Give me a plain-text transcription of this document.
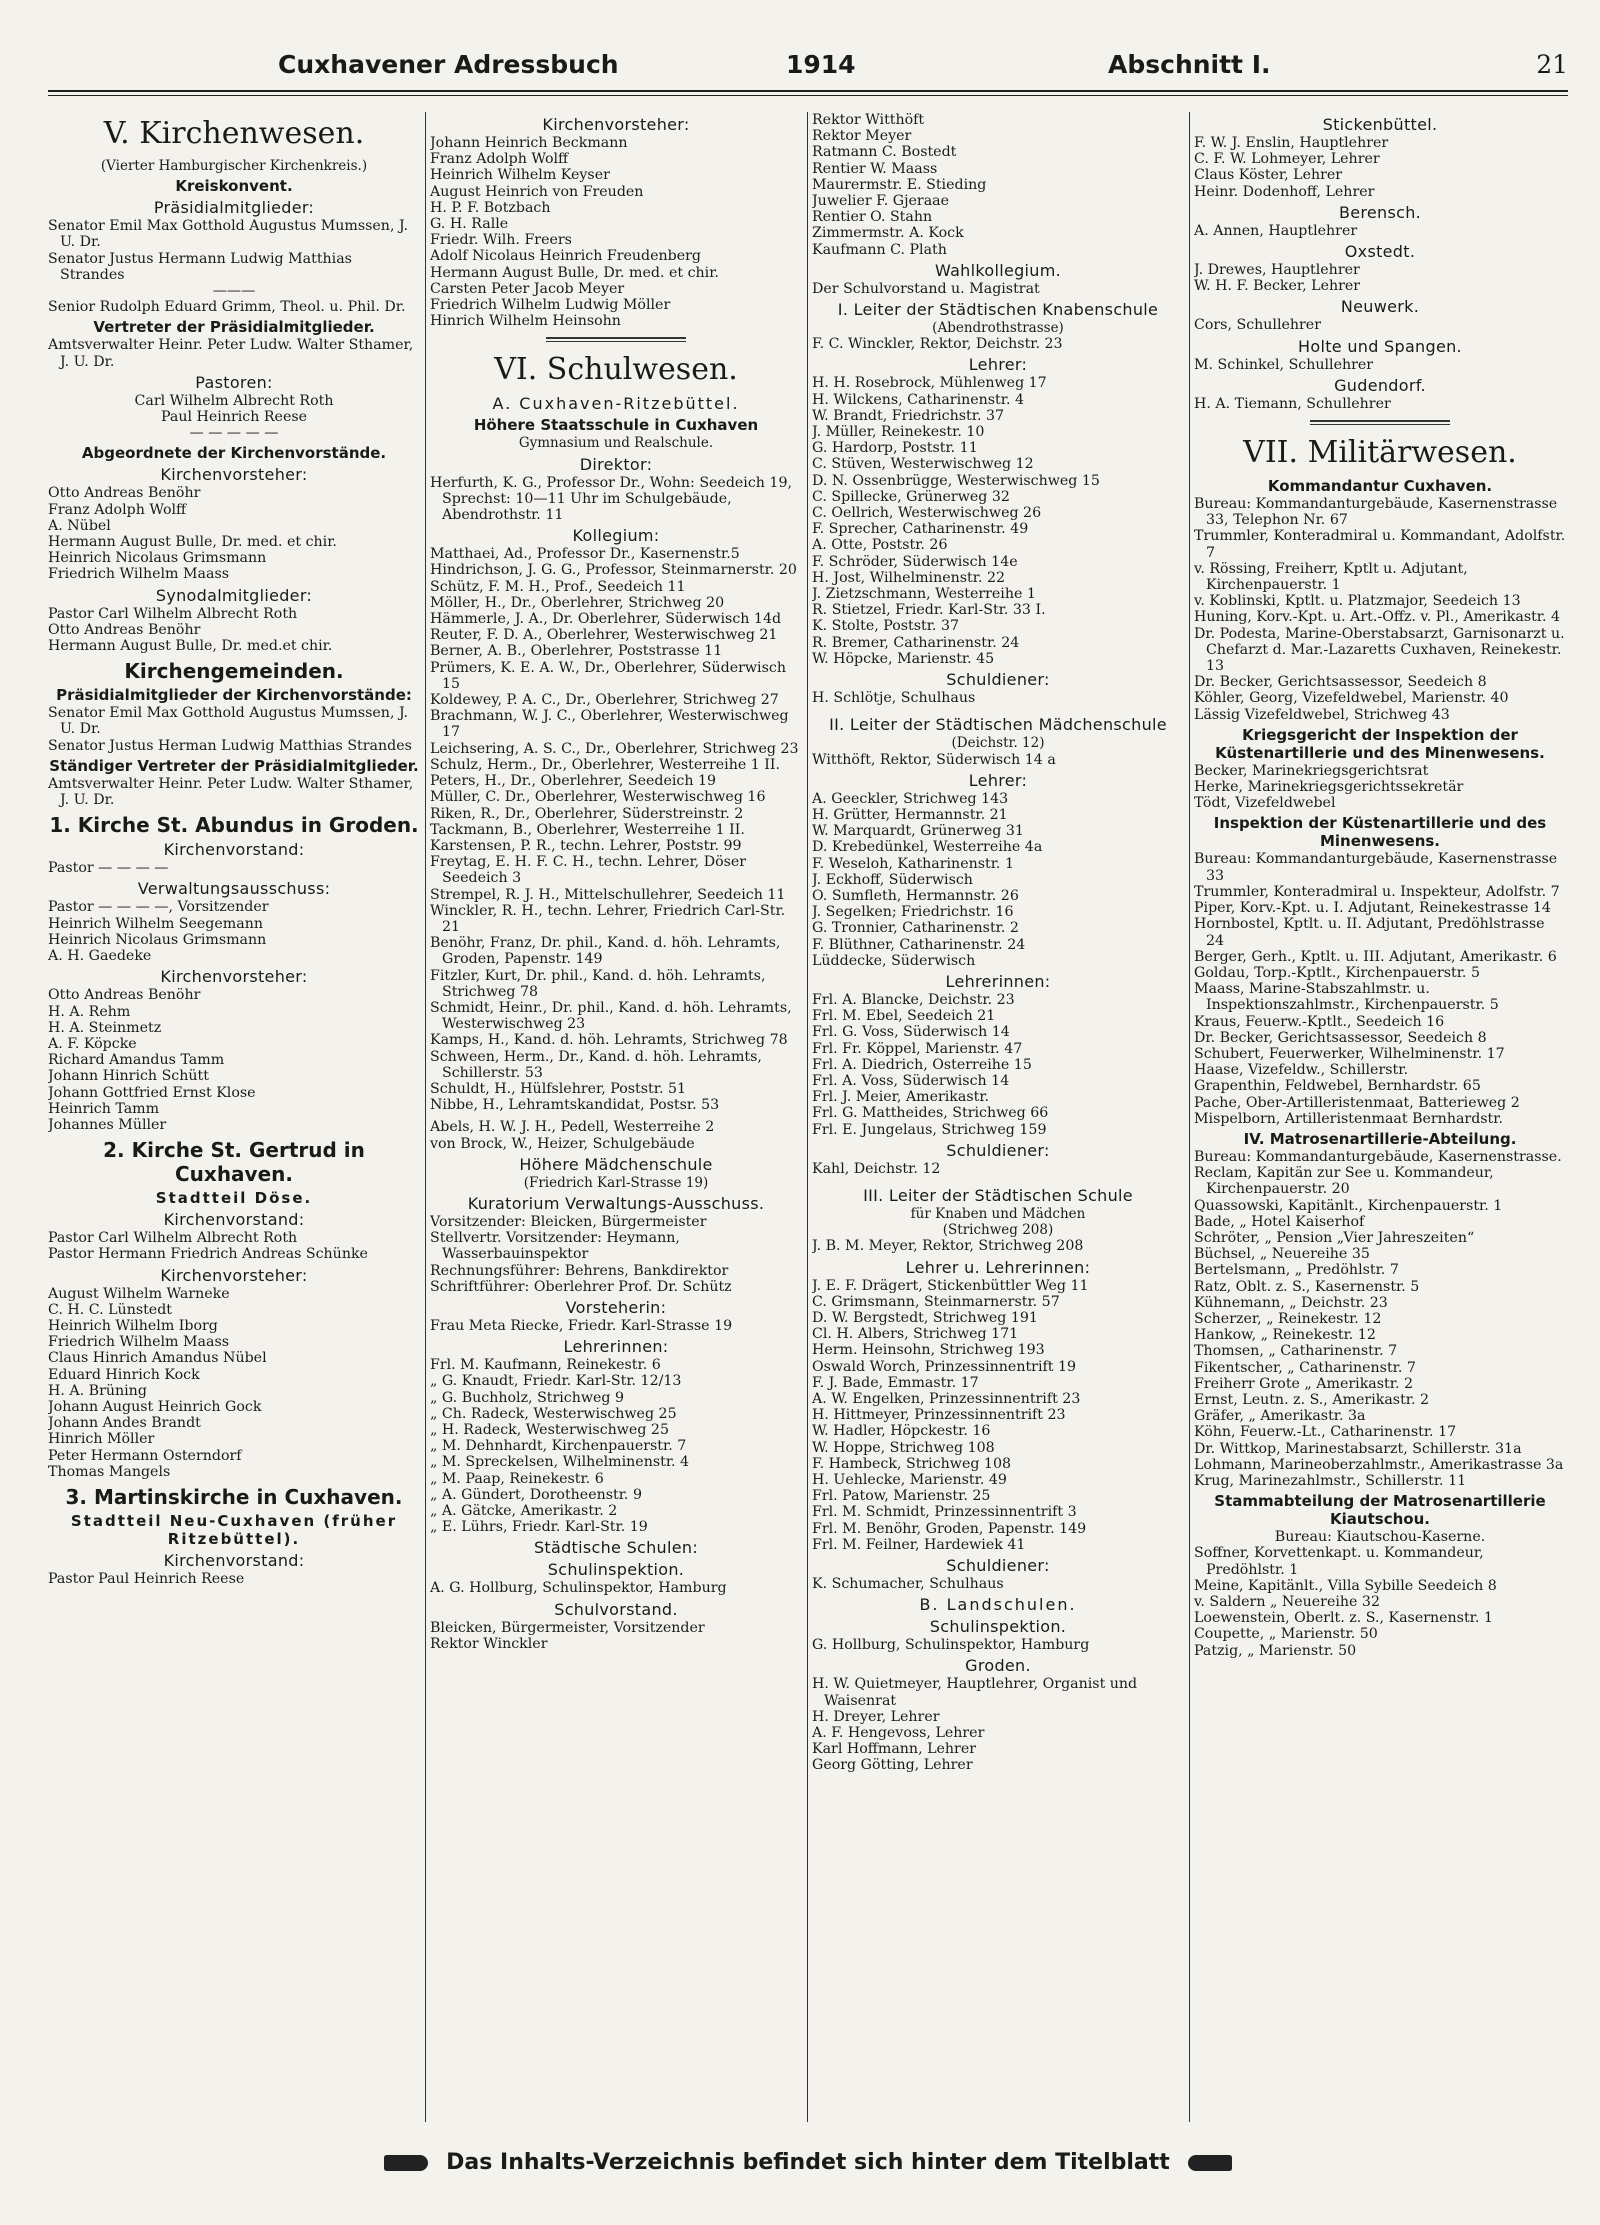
Cuxhavener Adressbuch	1914	Abschnitt I.	21
V. Kirchenwesen.
(Vierter Hamburgischer Kirchenkreis.)
Kreiskonvent.
Präsidialmitglieder:
Senator Emil Max Gotthold Augustus Mumssen, J. U. Dr.
Senator Justus Hermann Ludwig Matthias Strandes
———
Senior Rudolph Eduard Grimm, Theol. u. Phil. Dr.
Vertreter der Präsidialmitglieder.
Amtsverwalter Heinr. Peter Ludw. Walter Sthamer, J. U. Dr.
Pastoren:
Carl Wilhelm Albrecht Roth
Paul Heinrich Reese
— — — — —
Abgeordnete der Kirchenvorstände.
Kirchenvorsteher:
Otto Andreas Benöhr
Franz Adolph Wolff
A. Nübel
Hermann August Bulle, Dr. med. et chir.
Heinrich Nicolaus Grimsmann
Friedrich Wilhelm Maass
Synodalmitglieder:
Pastor Carl Wilhelm Albrecht Roth
Otto Andreas Benöhr
Hermann August Bulle, Dr. med.et chir.
Kirchengemeinden.
Präsidialmitglieder der Kirchenvorstände:
Senator Emil Max Gotthold Augustus Mumssen, J. U. Dr.
Senator Justus Herman Ludwig Matthias Strandes
Ständiger Vertreter der Präsidialmitglieder.
Amtsverwalter Heinr. Peter Ludw. Walter Sthamer, J. U. Dr.
1. Kirche St. Abundus in Groden.
Kirchenvorstand:
Pastor — — — —
Verwaltungsausschuss:
Pastor — — — —, Vorsitzender
Heinrich Wilhelm Seegemann
Heinrich Nicolaus Grimsmann
A. H. Gaedeke
Kirchenvorsteher:
Otto Andreas Benöhr
H. A. Rehm
H. A. Steinmetz
A. F. Köpcke
Richard Amandus Tamm
Johann Hinrich Schütt
Johann Gottfried Ernst Klose
Heinrich Tamm
Johannes Müller
2. Kirche St. Gertrud in Cuxhaven.
Stadtteil Döse.
Kirchenvorstand:
Pastor Carl Wilhelm Albrecht Roth
Pastor Hermann Friedrich Andreas Schünke
Kirchenvorsteher:
August Wilhelm Warneke
C. H. C. Lünstedt
Heinrich Wilhelm Iborg
Friedrich Wilhelm Maass
Claus Hinrich Amandus Nübel
Eduard Hinrich Kock
H. A. Brüning
Johann August Heinrich Gock
Johann Andes Brandt
Hinrich Möller
Peter Hermann Osterndorf
Thomas Mangels
3. Martinskirche in Cuxhaven.
Stadtteil Neu-Cuxhaven (früher Ritzebüttel).
Kirchenvorstand:
Pastor Paul Heinrich Reese
Kirchenvorsteher:
Johann Heinrich Beckmann
Franz Adolph Wolff
Heinrich Wilhelm Keyser
August Heinrich von Freuden
H. P. F. Botzbach
G. H. Ralle
Friedr. Wilh. Freers
Adolf Nicolaus Heinrich Freudenberg
Hermann August Bulle, Dr. med. et chir.
Carsten Peter Jacob Meyer
Friedrich Wilhelm Ludwig Möller
Hinrich Wilhelm Heinsohn
VI. Schulwesen.
A. Cuxhaven-Ritzebüttel.
Höhere Staatsschule in Cuxhaven
Gymnasium und Realschule.
Direktor:
Herfurth, K. G., Professor Dr., Wohn: Seedeich 19, Sprechst: 10—11 Uhr im Schulgebäude, Abendrothstr. 11
Kollegium:
Matthaei, Ad., Professor Dr., Kasernenstr.5
Hindrichson, J. G. G., Professor, Steinmarnerstr. 20
Schütz, F. M. H., Prof., Seedeich 11
Möller, H., Dr., Oberlehrer, Strichweg 20
Hämmerle, J. A., Dr. Oberlehrer, Süderwisch 14d
Reuter, F. D. A., Oberlehrer, Westerwischweg 21
Berner, A. B., Oberlehrer, Poststrasse 11
Prümers, K. E. A. W., Dr., Oberlehrer, Süderwisch 15
Koldewey, P. A. C., Dr., Oberlehrer, Strichweg 27
Brachmann, W. J. C., Oberlehrer, Westerwischweg 17
Leichsering, A. S. C., Dr., Oberlehrer, Strichweg 23
Schulz, Herm., Dr., Oberlehrer, Westerreihe 1 II.
Peters, H., Dr., Oberlehrer, Seedeich 19
Müller, C. Dr., Oberlehrer, Westerwischweg 16
Riken, R., Dr., Oberlehrer, Süderstreinstr. 2
Tackmann, B., Oberlehrer, Westerreihe 1 II.
Karstensen, P. R., techn. Lehrer, Poststr. 99
Freytag, E. H. F. C. H., techn. Lehrer, Döser Seedeich 3
Strempel, R. J. H., Mittelschullehrer, Seedeich 11
Winckler, R. H., techn. Lehrer, Friedrich Carl-Str. 21
Benöhr, Franz, Dr. phil., Kand. d. höh. Lehramts, Groden, Papenstr. 149
Fitzler, Kurt, Dr. phil., Kand. d. höh. Lehramts, Strichweg 78
Schmidt, Heinr., Dr. phil., Kand. d. höh. Lehramts, Westerwischweg 23
Kamps, H., Kand. d. höh. Lehramts, Strichweg 78
Schween, Herm., Dr., Kand. d. höh. Lehramts, Schillerstr. 53
Schuldt, H., Hülfslehrer, Poststr. 51
Nibbe, H., Lehramtskandidat, Postsr. 53
Abels, H. W. J. H., Pedell, Westerreihe 2
von Brock, W., Heizer, Schulgebäude
Höhere Mädchenschule
(Friedrich Karl-Strasse 19)
Kuratorium Verwaltungs-Ausschuss.
Vorsitzender: Bleicken, Bürgermeister
Stellvertr. Vorsitzender: Heymann, Wasserbauinspektor
Rechnungsführer: Behrens, Bankdirektor
Schriftführer: Oberlehrer Prof. Dr. Schütz
Vorsteherin:
Frau Meta Riecke, Friedr. Karl-Strasse 19
Lehrerinnen:
Frl. M. Kaufmann, Reinekestr. 6
„ G. Knaudt, Friedr. Karl-Str. 12/13
„ G. Buchholz, Strichweg 9
„ Ch. Radeck, Westerwischweg 25
„ H. Radeck, Westerwischweg 25
„ M. Dehnhardt, Kirchenpauerstr. 7
„ M. Spreckelsen, Wilhelminenstr. 4
„ M. Paap, Reinekestr. 6
„ A. Gündert, Dorotheenstr. 9
„ A. Gätcke, Amerikastr. 2
„ E. Lührs, Friedr. Karl-Str. 19
Städtische Schulen:
Schulinspektion.
A. G. Hollburg, Schulinspektor, Hamburg
Schulvorstand.
Bleicken, Bürgermeister, Vorsitzender
Rektor Winckler
Rektor Witthöft
Rektor Meyer
Ratmann C. Bostedt
Rentier W. Maass
Maurermstr. E. Stieding
Juwelier F. Gjeraae
Rentier O. Stahn
Zimmermstr. A. Kock
Kaufmann C. Plath
Wahlkollegium.
Der Schulvorstand u. Magistrat
I. Leiter der Städtischen Knabenschule
(Abendrothstrasse)
F. C. Winckler, Rektor, Deichstr. 23
Lehrer:
H. H. Rosebrock, Mühlenweg 17
H. Wilckens, Catharinenstr. 4
W. Brandt, Friedrichstr. 37
J. Müller, Reinekestr. 10
G. Hardorp, Poststr. 11
C. Stüven, Westerwischweg 12
D. N. Ossenbrügge, Westerwischweg 15
C. Spillecke, Grünerweg 32
C. Oellrich, Westerwischweg 26
F. Sprecher, Catharinenstr. 49
A. Otte, Poststr. 26
F. Schröder, Süderwisch 14e
H. Jost, Wilhelminenstr. 22
J. Zietzschmann, Westerreihe 1
R. Stietzel, Friedr. Karl-Str. 33 I.
K. Stolte, Poststr. 37
R. Bremer, Catharinenstr. 24
W. Höpcke, Marienstr. 45
Schuldiener:
H. Schlötje, Schulhaus
II. Leiter der Städtischen Mädchenschule
(Deichstr. 12)
Witthöft, Rektor, Süderwisch 14 a
Lehrer:
A. Geeckler, Strichweg 143
H. Grütter, Hermannstr. 21
W. Marquardt, Grünerweg 31
D. Krebedünkel, Westerreihe 4a
F. Weseloh, Katharinenstr. 1
J. Eckhoff, Süderwisch
O. Sumfleth, Hermannstr. 26
J. Segelken; Friedrichstr. 16
G. Tronnier, Catharinenstr. 2
F. Blüthner, Catharinenstr. 24
Lüddecke, Süderwisch
Lehrerinnen:
Frl. A. Blancke, Deichstr. 23
Frl. M. Ebel, Seedeich 21
Frl. G. Voss, Süderwisch 14
Frl. Fr. Köppel, Marienstr. 47
Frl. A. Diedrich, Osterreihe 15
Frl. A. Voss, Süderwisch 14
Frl. J. Meier, Amerikastr.
Frl. G. Mattheides, Strichweg 66
Frl. E. Jungelaus, Strichweg 159
Schuldiener:
Kahl, Deichstr. 12
III. Leiter der Städtischen Schule
für Knaben und Mädchen
(Strichweg 208)
J. B. M. Meyer, Rektor, Strichweg 208
Lehrer u. Lehrerinnen:
J. E. F. Drägert, Stickenbüttler Weg 11
C. Grimsmann, Steinmarnerstr. 57
D. W. Bergstedt, Strichweg 191
Cl. H. Albers, Strichweg 171
Herm. Heinsohn, Strichweg 193
Oswald Worch, Prinzessinnentrift 19
F. J. Bade, Emmastr. 17
A. W. Engelken, Prinzessinnentrift 23
H. Hittmeyer, Prinzessinnentrift 23
W. Hadler, Höpckestr. 16
W. Hoppe, Strichweg 108
F. Hambeck, Strichweg 108
H. Uehlecke, Marienstr. 49
Frl. Patow, Marienstr. 25
Frl. M. Schmidt, Prinzessinnentrift 3
Frl. M. Benöhr, Groden, Papenstr. 149
Frl. M. Feilner, Hardewiek 41
Schuldiener:
K. Schumacher, Schulhaus
B. Landschulen.
Schulinspektion.
G. Hollburg, Schulinspektor, Hamburg
Groden.
H. W. Quietmeyer, Hauptlehrer, Organist und Waisenrat
H. Dreyer, Lehrer
A. F. Hengevoss, Lehrer
Karl Hoffmann, Lehrer
Georg Götting, Lehrer
Stickenbüttel.
F. W. J. Enslin, Hauptlehrer
C. F. W. Lohmeyer, Lehrer
Claus Köster, Lehrer
Heinr. Dodenhoff, Lehrer
Berensch.
A. Annen, Hauptlehrer
Oxstedt.
J. Drewes, Hauptlehrer
W. H. F. Becker, Lehrer
Neuwerk.
Cors, Schullehrer
Holte und Spangen.
M. Schinkel, Schullehrer
Gudendorf.
H. A. Tiemann, Schullehrer
VII. Militärwesen.
Kommandantur Cuxhaven.
Bureau: Kommandanturgebäude, Kasernenstrasse 33, Telephon Nr. 67
Trummler, Konteradmiral u. Kommandant, Adolfstr. 7
v. Rössing, Freiherr, Kptlt u. Adjutant, Kirchenpauerstr. 1
v. Koblinski, Kptlt. u. Platzmajor, Seedeich 13
Huning, Korv.-Kpt. u. Art.-Offz. v. Pl., Amerikastr. 4
Dr. Podesta, Marine-Oberstabsarzt, Garnisonarzt u. Chefarzt d. Mar.-Lazaretts Cuxhaven, Reinekestr. 13
Dr. Becker, Gerichtsassessor, Seedeich 8
Köhler, Georg, Vizefeldwebel, Marienstr. 40
Lässig Vizefeldwebel, Strichweg 43
Kriegsgericht der Inspektion der Küstenartillerie und des Minenwesens.
Becker, Marinekriegsgerichtsrat
Herke, Marinekriegsgerichtssekretär
Tödt, Vizefeldwebel
Inspektion der Küstenartillerie und des Minenwesens.
Bureau: Kommandanturgebäude, Kasernenstrasse 33
Trummler, Konteradmiral u. Inspekteur, Adolfstr. 7
Piper, Korv.-Kpt. u. I. Adjutant, Reinekestrasse 14
Hornbostel, Kptlt. u. II. Adjutant, Predöhlstrasse 24
Berger, Gerh., Kptlt. u. III. Adjutant, Amerikastr. 6
Goldau, Torp.-Kptlt., Kirchenpauerstr. 5
Maass, Marine-Stabszahlmstr. u. Inspektionszahlmstr., Kirchenpauerstr. 5
Kraus, Feuerw.-Kptlt., Seedeich 16
Dr. Becker, Gerichtsassessor, Seedeich 8
Schubert, Feuerwerker, Wilhelminenstr. 17
Haase, Vizefeldw., Schillerstr.
Grapenthin, Feldwebel, Bernhardstr. 65
Pache, Ober-Artilleristenmaat, Batterieweg 2
Mispelborn, Artilleristenmaat Bernhardstr.
IV. Matrosenartillerie-Abteilung.
Bureau: Kommandanturgebäude, Kasernenstrasse.
Reclam, Kapitän zur See u. Kommandeur, Kirchenpauerstr. 20
Quassowski, Kapitänlt., Kirchenpauerstr. 1
Bade, „ Hotel Kaiserhof
Schröter, „ Pension „Vier Jahreszeiten“
Büchsel, „ Neuereihe 35
Bertelsmann, „ Predöhlstr. 7
Ratz, Oblt. z. S., Kasernenstr. 5
Kühnemann, „ Deichstr. 23
Scherzer, „ Reinekestr. 12
Hankow, „ Reinekestr. 12
Thomsen, „ Catharinenstr. 7
Fikentscher, „ Catharinenstr. 7
Freiherr Grote „ Amerikastr. 2
Ernst, Leutn. z. S., Amerikastr. 2
Gräfer, „ Amerikastr. 3a
Köhn, Feuerw.-Lt., Catharinenstr. 17
Dr. Wittkop, Marinestabsarzt, Schillerstr. 31a
Lohmann, Marineoberzahlmstr., Amerikastrasse 3a
Krug, Marinezahlmstr., Schillerstr. 11
Stammabteilung der Matrosenartillerie Kiautschou.
Bureau: Kiautschou-Kaserne.
Soffner, Korvettenkapt. u. Kommandeur, Predöhlstr. 1
Meine, Kapitänlt., Villa Sybille Seedeich 8
v. Saldern „ Neuereihe 32
Loewenstein, Oberlt. z. S., Kasernenstr. 1
Coupette, „ Marienstr. 50
Patzig, „ Marienstr. 50
Das Inhalts-Verzeichnis befindet sich hinter dem Titelblatt
